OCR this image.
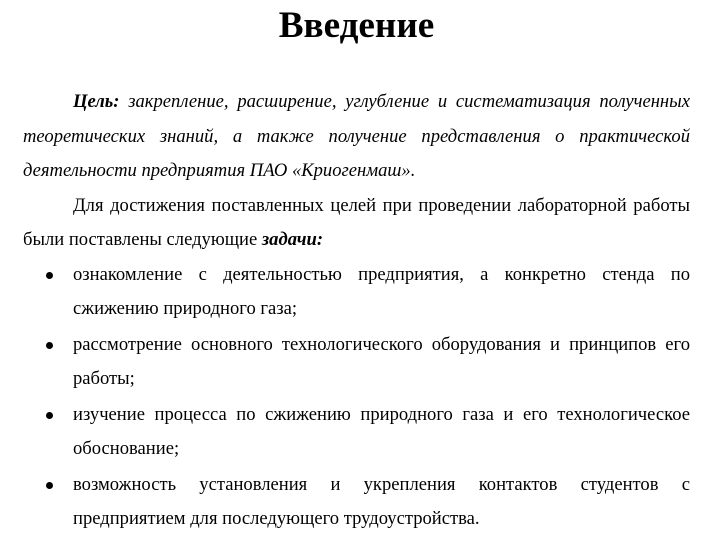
Введение

Цель: закрепление, расширение, углубление и систематизация полученных теоретических знаний, а также получение представления о практической деятельности предприятия ПАО «Криогенмаш».

Для достижения поставленных целей при проведении лабораторной работы были поставлены следующие задачи:

ознакомление с деятельностью предприятия, а конкретно стенда по сжижению природного газа;
рассмотрение основного технологического оборудования и принципов его работы;
изучение процесса по сжижению природного газа и его технологическое обоснование;
возможность установления и укрепления контактов студентов с предприятием для последующего трудоустройства.
